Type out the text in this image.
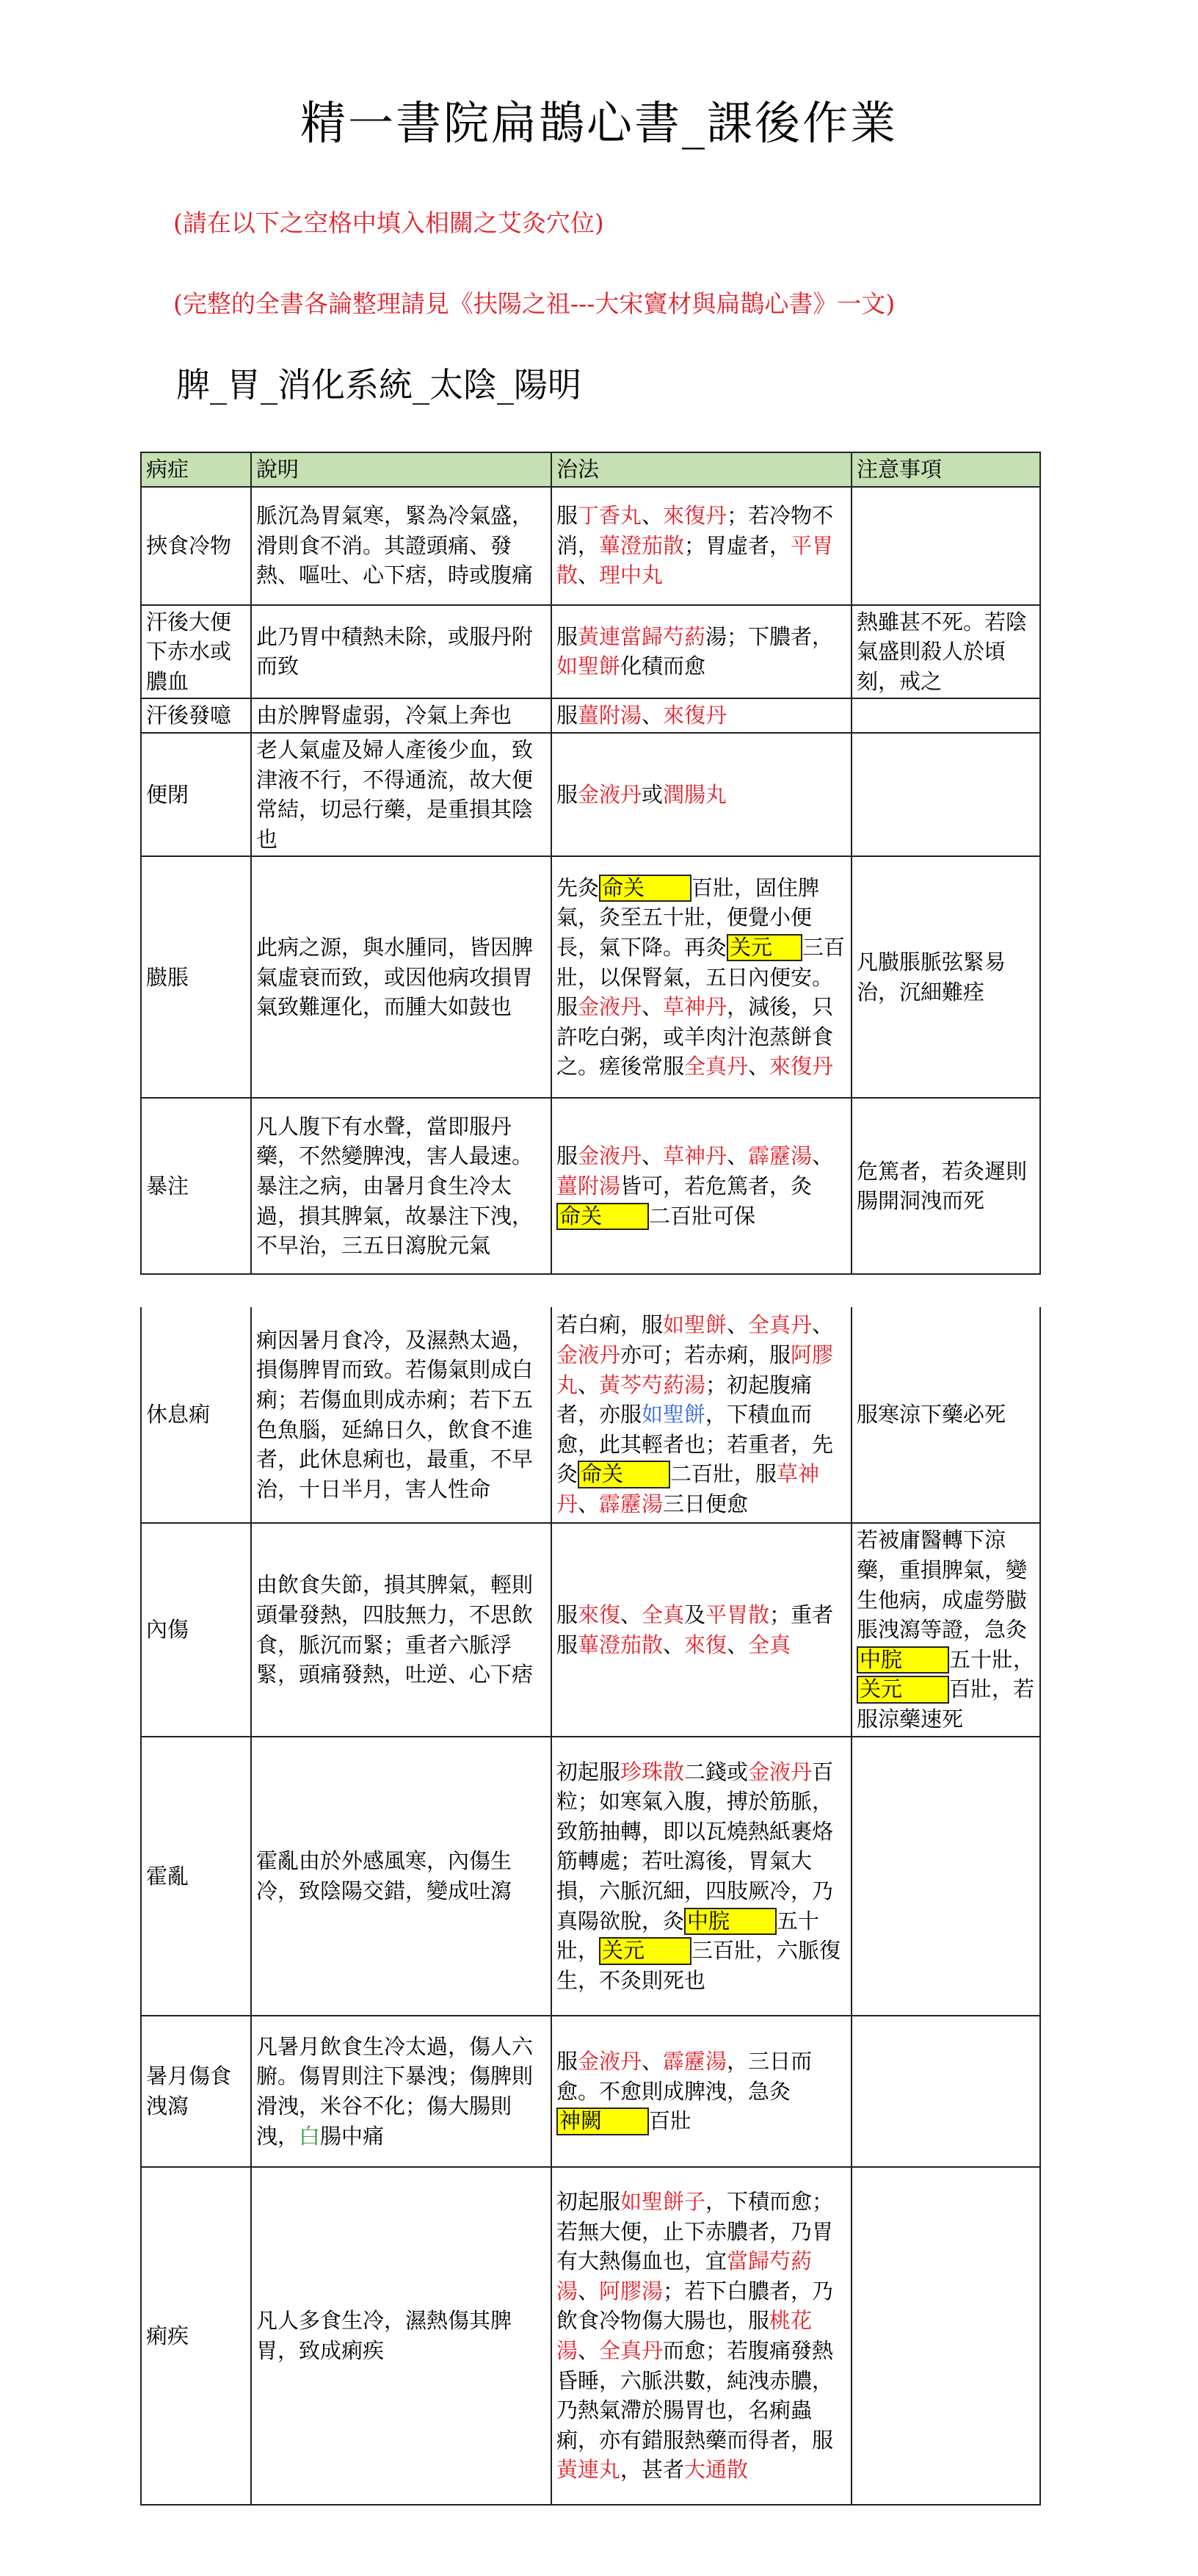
精一書院扁鵲心書_課後作業
(請在以下之空格中填入相關之艾灸穴位)
(完整的全書各論整理請見《扶陽之祖---大宋竇材與扁鵲心書》一文)
脾_胃_消化系統_太陰_陽明
病症	說明	治法	注意事項
挾食冷物	脈沉為胃氣寒，緊為冷氣盛，滑則食不消。其證頭痛、發熱、嘔吐、心下痞，時或腹痛	服丁香丸、來復丹；若冷物不消，蓽澄茄散；胃虛者，平胃散、理中丸	
汗後大便下赤水或膿血	此乃胃中積熱未除，或服丹附而致	服黃連當歸芍葯湯；下膿者，如聖餅化積而愈	熱雖甚不死。若陰氣盛則殺人於頃刻，戒之
汗後發噫	由於脾腎虛弱，冷氣上奔也	服薑附湯、來復丹	
便閉	老人氣虛及婦人產後少血，致津液不行，不得通流，故大便常結，切忌行藥，是重損其陰也	服金液丹或潤腸丸	
臌脹	此病之源，與水腫同，皆因脾氣虛衰而致，或因他病攻損胃氣致難運化，而腫大如鼓也	先灸 命关 百壯，固住脾氣，灸至五十壯，便覺小便長，氣下降。再灸 关元 三百壯，以保腎氣，五日內便安。服金液丹、草神丹，減後，只許吃白粥，或羊肉汁泡蒸餅食之。瘥後常服全真丹、來復丹	凡臌脹脈弦緊易治，沉細難痊
暴注	凡人腹下有水聲，當即服丹藥，不然變脾洩，害人最速。暴注之病，由暑月食生冷太過，損其脾氣，故暴注下洩，不早治，三五日瀉脫元氣	服金液丹、草神丹、霹靂湯、薑附湯皆可，若危篤者，灸命关 二百壯可保	危篤者，若灸遲則腸開洞洩而死
休息痢	痢因暑月食冷，及濕熱太過，損傷脾胃而致。若傷氣則成白痢；若傷血則成赤痢；若下五色魚腦，延綿日久，飲食不進者，此休息痢也，最重，不早治，十日半月，害人性命	若白痢，服如聖餅、全真丹、金液丹亦可；若赤痢，服阿膠丸、黃芩芍葯湯；初起腹痛者，亦服如聖餅，下積血而愈，此其輕者也；若重者，先灸 命关 二百壯，服草神丹、霹靂湯三日便愈	服寒涼下藥必死
內傷	由飲食失節，損其脾氣，輕則頭暈發熱，四肢無力，不思飲食，脈沉而緊；重者六脈浮緊，頭痛發熱，吐逆、心下痞	服來復、全真及平胃散；重者服蓽澄茄散、來復、全真	若被庸醫轉下涼藥，重損脾氣，變生他病，成虛勞臌脹洩瀉等證，急灸中脘 五十壯，关元 百壯，若服涼藥速死
霍亂	霍亂由於外感風寒，內傷生冷，致陰陽交錯，變成吐瀉	初起服珍珠散二錢或金液丹百粒；如寒氣入腹，搏於筋脈，致筋抽轉，即以瓦燒熱紙裹烙筋轉處；若吐瀉後，胃氣大損，六脈沉細，四肢厥冷，乃真陽欲脫，灸 中脘 五十壯， 关元 三百壯，六脈復生，不灸則死也	
暑月傷食洩瀉	凡暑月飲食生冷太過，傷人六腑。傷胃則注下暴洩；傷脾則滑洩，米谷不化；傷大腸則洩，白腸中痛	服金液丹、霹靂湯，三日而愈。不愈則成脾洩，急灸神闕 百壯	
痢疾	凡人多食生冷，濕熱傷其脾胃，致成痢疾	初起服如聖餅子，下積而愈；若無大便，止下赤膿者，乃胃有大熱傷血也，宜當歸芍葯湯、阿膠湯；若下白膿者，乃飲食冷物傷大腸也，服桃花湯、全真丹而愈；若腹痛發熱昏睡，六脈洪數，純洩赤膿，乃熱氣滯於腸胃也，名痢蟲痢，亦有錯服熱藥而得者，服黃連丸，甚者大通散	
